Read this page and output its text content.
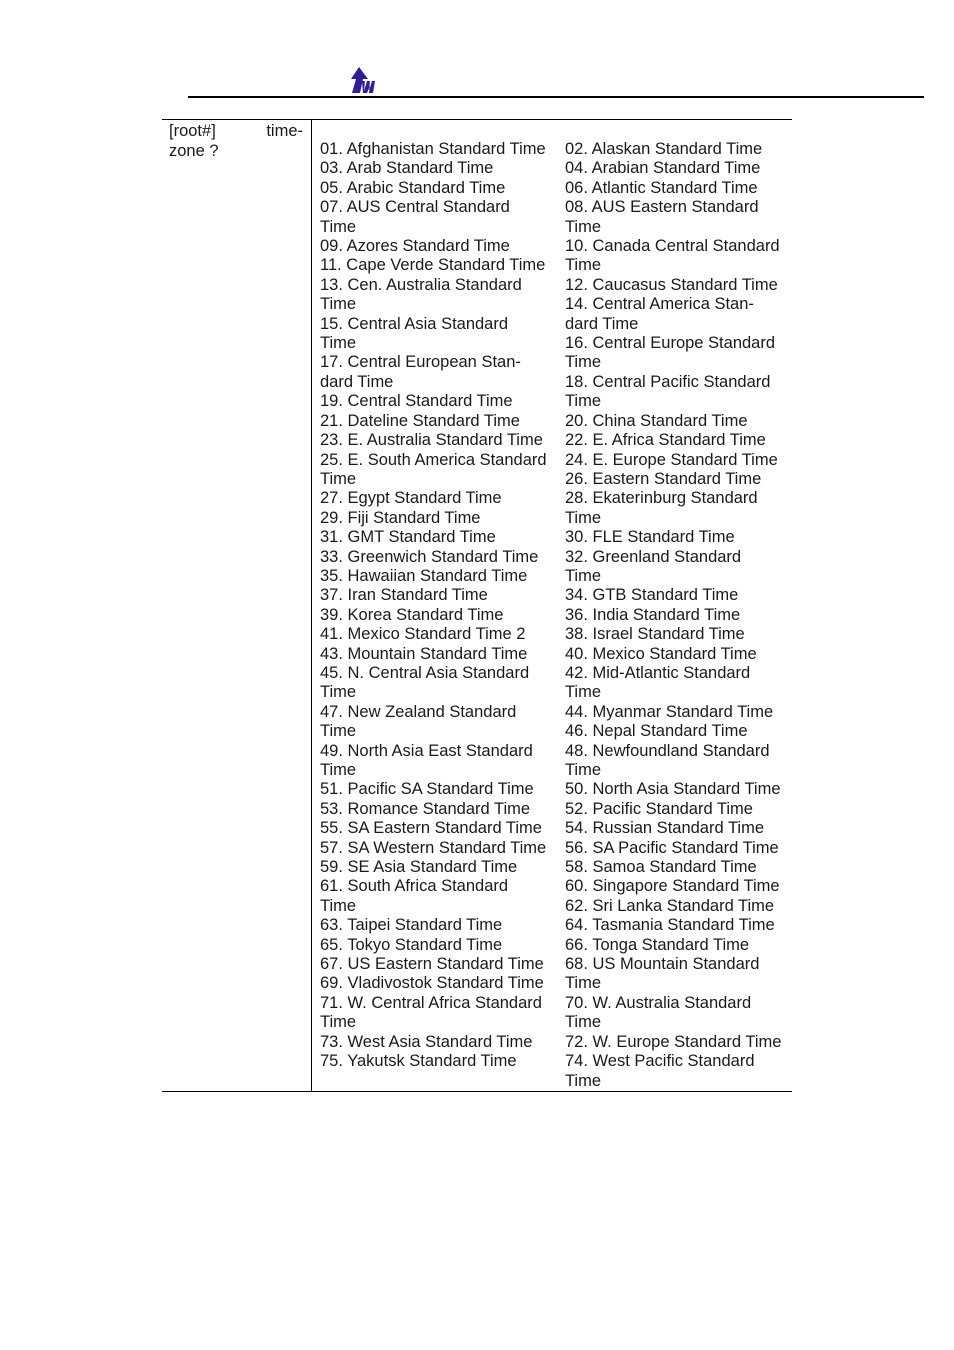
[root#] time-
zone ?	01. Afghanistan Standard Time
03. Arab Standard Time
05. Arabic Standard Time
07. AUS Central Standard
Time
09. Azores Standard Time
11. Cape Verde Standard Time
13. Cen. Australia Standard
Time
15. Central Asia Standard
Time
17. Central European Stan-
dard Time
19. Central Standard Time
21. Dateline Standard Time
23. E. Australia Standard Time
25. E. South America Standard
Time
27. Egypt Standard Time
29. Fiji Standard Time
31. GMT Standard Time
33. Greenwich Standard Time
35. Hawaiian Standard Time
37. Iran Standard Time
39. Korea Standard Time
41. Mexico Standard Time 2
43. Mountain Standard Time
45. N. Central Asia Standard
Time
47. New Zealand Standard
Time
49. North Asia East Standard
Time
51. Pacific SA Standard Time
53. Romance Standard Time
55. SA Eastern Standard Time
57. SA Western Standard Time
59. SE Asia Standard Time
61. South Africa Standard
Time
63. Taipei Standard Time
65. Tokyo Standard Time
67. US Eastern Standard Time
69. Vladivostok Standard Time
71. W. Central Africa Standard
Time
73. West Asia Standard Time
75. Yakutsk Standard Time
02. Alaskan Standard Time
04. Arabian Standard Time
06. Atlantic Standard Time
08. AUS Eastern Standard
Time
10. Canada Central Standard
Time
12. Caucasus Standard Time
14. Central America Stan-
dard Time
16. Central Europe Standard
Time
18. Central Pacific Standard
Time
20. China Standard Time
22. E. Africa Standard Time
24. E. Europe Standard Time
26. Eastern Standard Time
28. Ekaterinburg Standard
Time
30. FLE Standard Time
32. Greenland Standard
Time
34. GTB Standard Time
36. India Standard Time
38. Israel Standard Time
40. Mexico Standard Time
42. Mid-Atlantic Standard
Time
44. Myanmar Standard Time
46. Nepal Standard Time
48. Newfoundland Standard
Time
50. North Asia Standard Time
52. Pacific Standard Time
54. Russian Standard Time
56. SA Pacific Standard Time
58. Samoa Standard Time
60. Singapore Standard Time
62. Sri Lanka Standard Time
64. Tasmania Standard Time
66. Tonga Standard Time
68. US Mountain Standard
Time
70. W. Australia Standard
Time
72. W. Europe Standard Time
74. West Pacific Standard
Time
